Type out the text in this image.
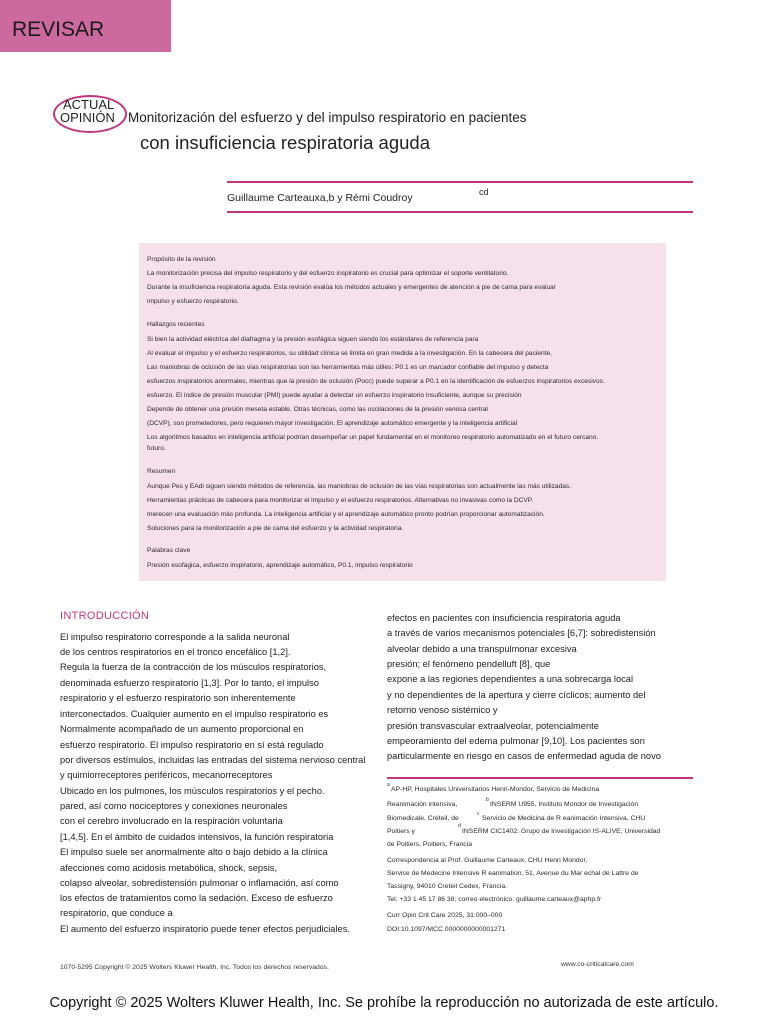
REVISAR
ACTUAL
OPINIÓN Monitorización del esfuerzo y del impulso respiratorio en pacientes
con insuficiencia respiratoria aguda
Guillaume Carteauxa,b y Rémi Coudroy	cd
Propósito de la revisión
La monitorización precisa del impulso respiratorio y del esfuerzo inspiratorio es crucial para optimizar el soporte ventilatorio.
Durante la insuficiencia respiratoria aguda. Esta revisión evalúa los métodos actuales y emergentes de atención a pie de cama para evaluar
impulso y esfuerzo respiratorio.
Hallazgos recientes
Si bien la actividad eléctrica del diafragma y la presión esofágica siguen siendo los estándares de referencia para
Al evaluar el impulso y el esfuerzo respiratorios, su utilidad clínica se limita en gran medida a la investigación. En la cabecera del paciente,
Las maniobras de oclusión de las vías respiratorias son las herramientas más útiles: P0.1 es un marcador confiable del impulso y detecta
esfuerzos inspiratorios anormales, mientras que la presión de oclusión (Pocc) puede superar a P0.1 en la identificación de esfuerzos inspiratorios excesivos.
esfuerzo. El índice de presión muscular (PMI) puede ayudar a detectar un esfuerzo inspiratorio insuficiente, aunque su precisión
Depende de obtener una presión meseta estable. Otras técnicas, como las oscilaciones de la presión venosa central
(DCVP), son prometedores, pero requieren mayor investigación. El aprendizaje automático emergente y la inteligencia artificial
Los algoritmos basados en inteligencia artificial podrían desempeñar un papel fundamental en el monitoreo respiratorio automatizado en el futuro cercano.
futuro.
Resumen
Aunque Pes y EAdi siguen siendo métodos de referencia, las maniobras de oclusión de las vías respiratorias son actualmente las más utilizadas.
Herramientas prácticas de cabecera para monitorizar el impulso y el esfuerzo respiratorios. Alternativas no invasivas como la DCVP.
merecen una evaluación más profunda. La inteligencia artificial y el aprendizaje automático pronto podrían proporcionar automatización.
Soluciones para la monitorización a pie de cama del esfuerzo y la actividad respiratoria.
Palabras clave
Presión esofágica, esfuerzo inspiratorio, aprendizaje automático, P0.1, impulso respiratorio
INTRODUCCIÓN
El impulso respiratorio corresponde a la salida neuronal
de los centros respiratorios en el tronco encefálico [1,2].
Regula la fuerza de la contracción de los músculos respiratorios,
denominada esfuerzo respiratorio [1,3]. Por lo tanto, el impulso
respiratorio y el esfuerzo respiratorio son inherentemente
interconectados. Cualquier aumento en el impulso respiratorio es
Normalmente acompañado de un aumento proporcional en
esfuerzo respiratorio. El impulso respiratorio en sí está regulado
por diversos estímulos, incluidas las entradas del sistema nervioso central
y quimiorreceptores periféricos, mecanorreceptores
Ubicado en los pulmones, los músculos respiratorios y el pecho.
pared, así como nociceptores y conexiones neuronales
con el cerebro involucrado en la respiración voluntaria
[1,4,5]. En el ámbito de cuidados intensivos, la función respiratoria
El impulso suele ser anormalmente alto o bajo debido a la clínica
afecciones como acidosis metabólica, shock, sepsis,
colapso alveolar, sobredistensión pulmonar o inflamación, así como
los efectos de tratamientos como la sedación. Exceso de esfuerzo
respiratorio, que conduce a
El aumento del esfuerzo inspiratorio puede tener efectos perjudiciales.
efectos en pacientes con insuficiencia respiratoria aguda
a través de varios mecanismos potenciales [6,7]: sobredistensión
alveolar debido a una transpulmonar excesiva
presión; el fenómeno pendelluft [8], que
expone a las regiones dependientes a una sobrecarga local
y no dependientes de la apertura y cierre cíclicos; aumento del
retorno venoso sistémico y
presión transvascular extraalveolar, potencialmente
empeoramiento del edema pulmonar [9,10]. Los pacientes son
particularmente en riesgo en casos de enfermedad aguda de novo
a
AP-HP, Hospitales Universitarios Henri-Mondor, Servicio de Medicina
Reanimación intensiva,
b
INSERM U955, Instituto Mondor de Investigación
Biomedicale, Créteil, de
c
Servicio de Medicina de R eanimación Intensiva, CHU
Poitiers y
d
INSERM CIC1402, Grupo de Investigación IS-ALIVE, Universidad
de Poitiers, Poitiers, Francia
Correspondencia al Prof. Guillaume Carteaux, CHU Henri Mondor,
Service de Medecine Intensive R eanimation, 51, Avenue du Mar echal de Lattre de
Tassigny, 94010 Creteil Cedex, Francia.
Tel: +33 1 45 17 86 38; correo electrónico: guillaume.carteaux@aphp.fr
Curr Opin Crit Care 2025, 31:000–000
DOI:10.1097/MCC.0000000000001271
1070-5295 Copyright © 2025 Wolters Kluwer Health, Inc. Todos los derechos reservados.	www.co-criticalcare.com
Copyright © 2025 Wolters Kluwer Health, Inc. Se prohíbe la reproducción no autorizada de este artículo.
